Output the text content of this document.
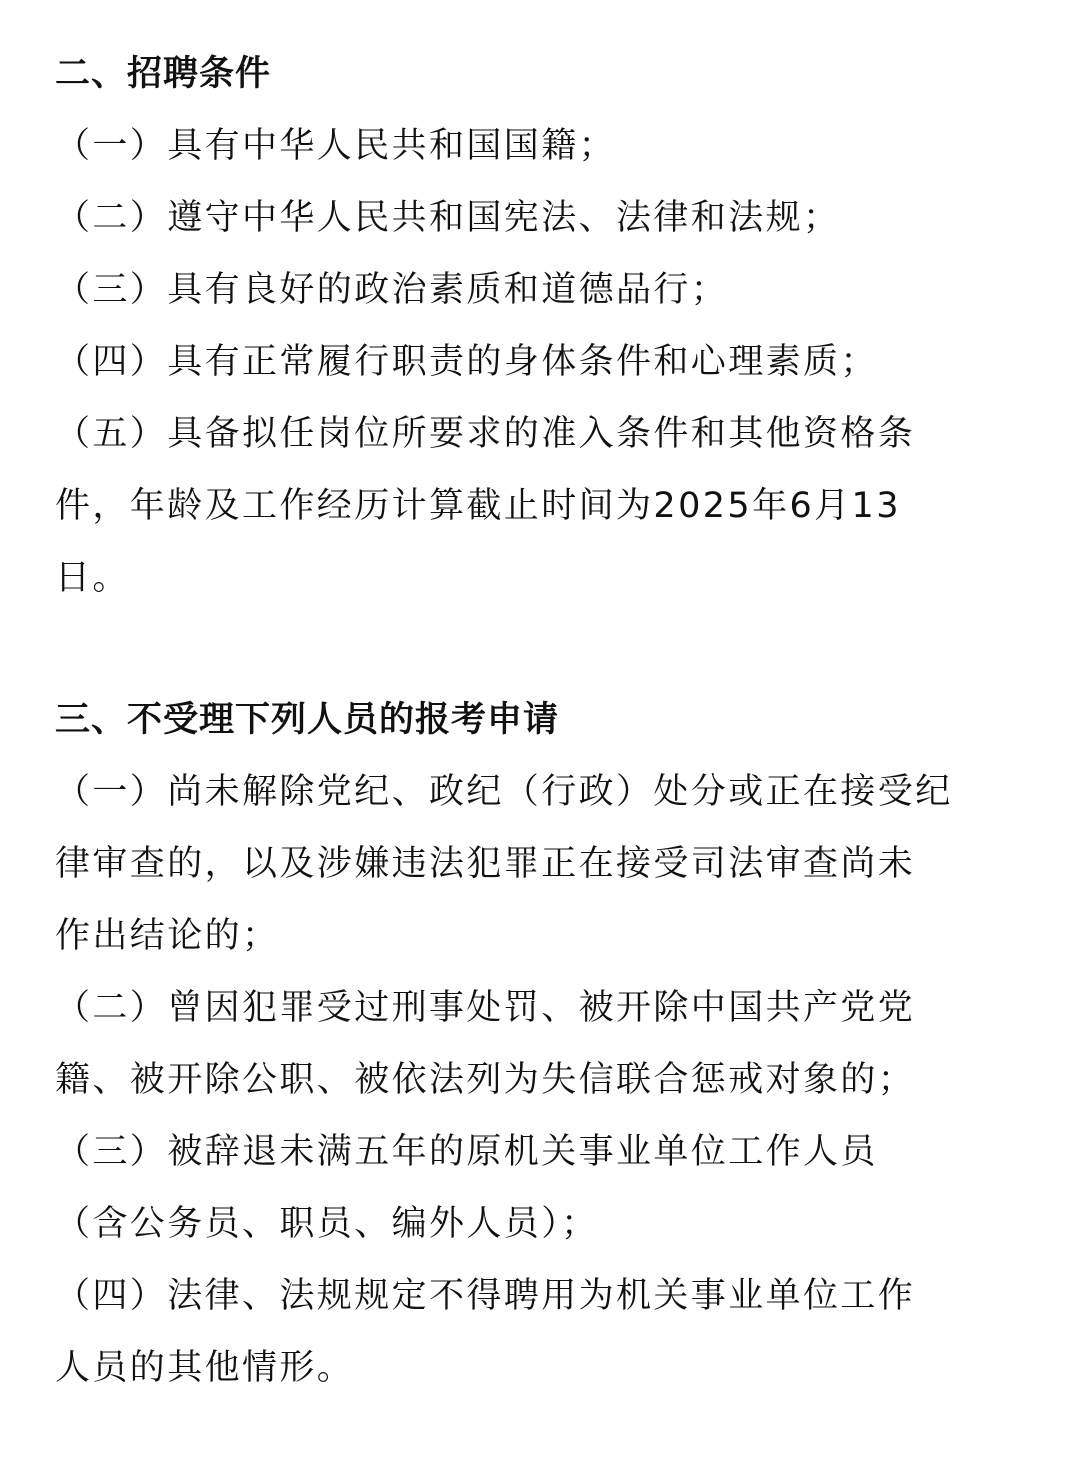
二、招聘条件

（一）具有中华人民共和国国籍；

（二）遵守中华人民共和国宪法、法律和法规；

（三）具有良好的政治素质和道德品行；

（四）具有正常履行职责的身体条件和心理素质；

（五）具备拟任岗位所要求的准入条件和其他资格条
件，年龄及工作经历计算截止时间为2025年6月13
日。

三、不受理下列人员的报考申请

（一）尚未解除党纪、政纪（行政）处分或正在接受纪
律审查的，以及涉嫌违法犯罪正在接受司法审查尚未
作出结论的；

（二）曾因犯罪受过刑事处罚、被开除中国共产党党
籍、被开除公职、被依法列为失信联合惩戒对象的；

（三）被辞退未满五年的原机关事业单位工作人员
（含公务员、职员、编外人员）；

（四）法律、法规规定不得聘用为机关事业单位工作
人员的其他情形。
